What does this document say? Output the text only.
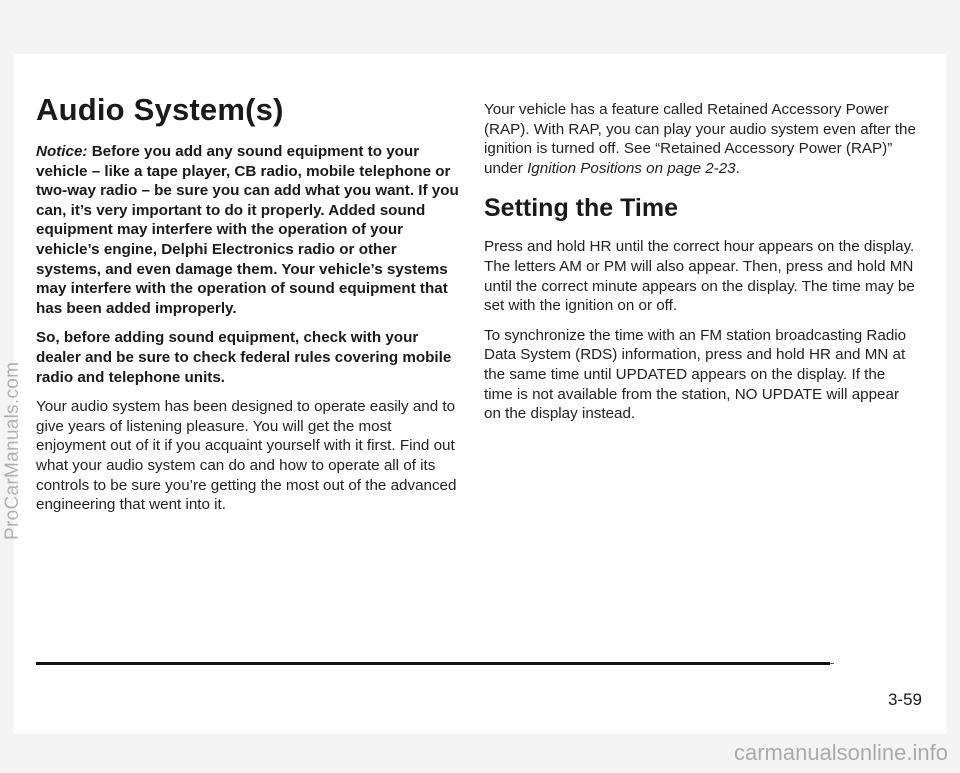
Audio System(s)

Notice: Before you add any sound equipment to your vehicle – like a tape player, CB radio, mobile telephone or two-way radio – be sure you can add what you want. If you can, it’s very important to do it properly. Added sound equipment may interfere with the operation of your vehicle’s engine, Delphi Electronics radio or other systems, and even damage them. Your vehicle’s systems may interfere with the operation of sound equipment that has been added improperly.

So, before adding sound equipment, check with your dealer and be sure to check federal rules covering mobile radio and telephone units.

Your audio system has been designed to operate easily and to give years of listening pleasure. You will get the most enjoyment out of it if you acquaint yourself with it first. Find out what your audio system can do and how to operate all of its controls to be sure you’re getting the most out of the advanced engineering that went into it.

Your vehicle has a feature called Retained Accessory Power (RAP). With RAP, you can play your audio system even after the ignition is turned off. See “Retained Accessory Power (RAP)” under Ignition Positions on page 2-23.

Setting the Time

Press and hold HR until the correct hour appears on the display. The letters AM or PM will also appear. Then, press and hold MN until the correct minute appears on the display. The time may be set with the ignition on or off.

To synchronize the time with an FM station broadcasting Radio Data System (RDS) information, press and hold HR and MN at the same time until UPDATED appears on the display. If the time is not available from the station, NO UPDATE will appear on the display instead.

3-59
ProCarManuals.com
carmanualsonline.info
